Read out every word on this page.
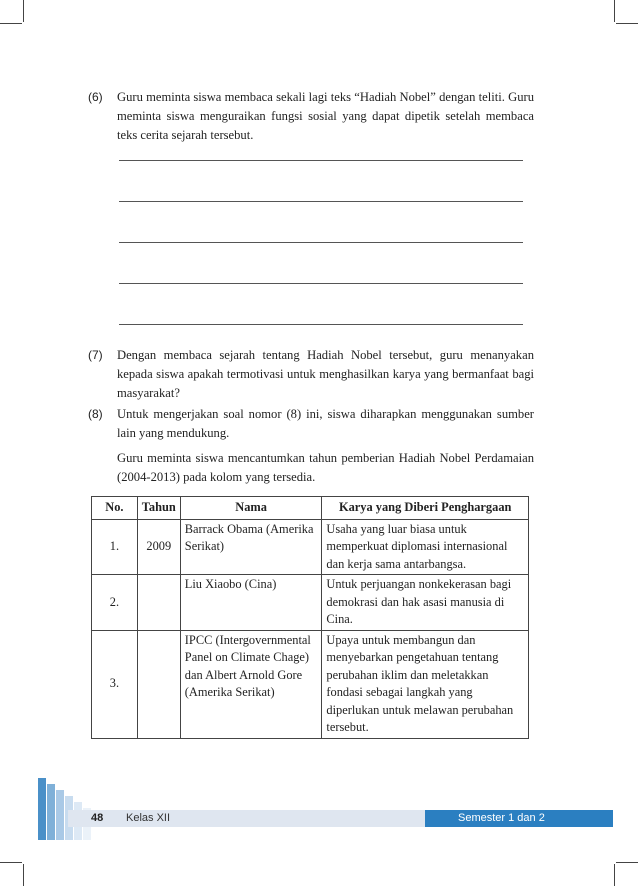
(6) Guru meminta siswa membaca sekali lagi teks “Hadiah Nobel” dengan teliti. Guru meminta siswa menguraikan fungsi sosial yang dapat dipetik setelah membaca teks cerita sejarah tersebut.
(7) Dengan membaca sejarah tentang Hadiah Nobel tersebut, guru menanyakan kepada siswa apakah termotivasi untuk menghasilkan karya yang bermanfaat bagi masyarakat?
(8) Untuk mengerjakan soal nomor (8) ini, siswa diharapkan menggunakan sumber lain yang mendukung.
Guru meminta siswa mencantumkan tahun pemberian Hadiah Nobel Perdamaian (2004-2013) pada kolom yang tersedia.
No.	Tahun	Nama	Karya yang Diberi Penghargaan
1.	2009	Barrack Obama (Amerika Serikat)	Usaha yang luar biasa untuk memperkuat diplomasi internasional dan kerja sama antarbangsa.
2.		Liu Xiaobo (Cina)	Untuk perjuangan nonkekerasan bagi demokrasi dan hak asasi manusia di Cina.
3.		IPCC (Intergovernmental Panel on Climate Chage) dan Albert Arnold Gore (Amerika Serikat)	Upaya untuk membangun dan menyebarkan pengetahuan tentang perubahan iklim dan meletakkan fondasi sebagai langkah yang diperlukan untuk melawan perubahan tersebut.
48 Kelas XII	Semester 1 dan 2
